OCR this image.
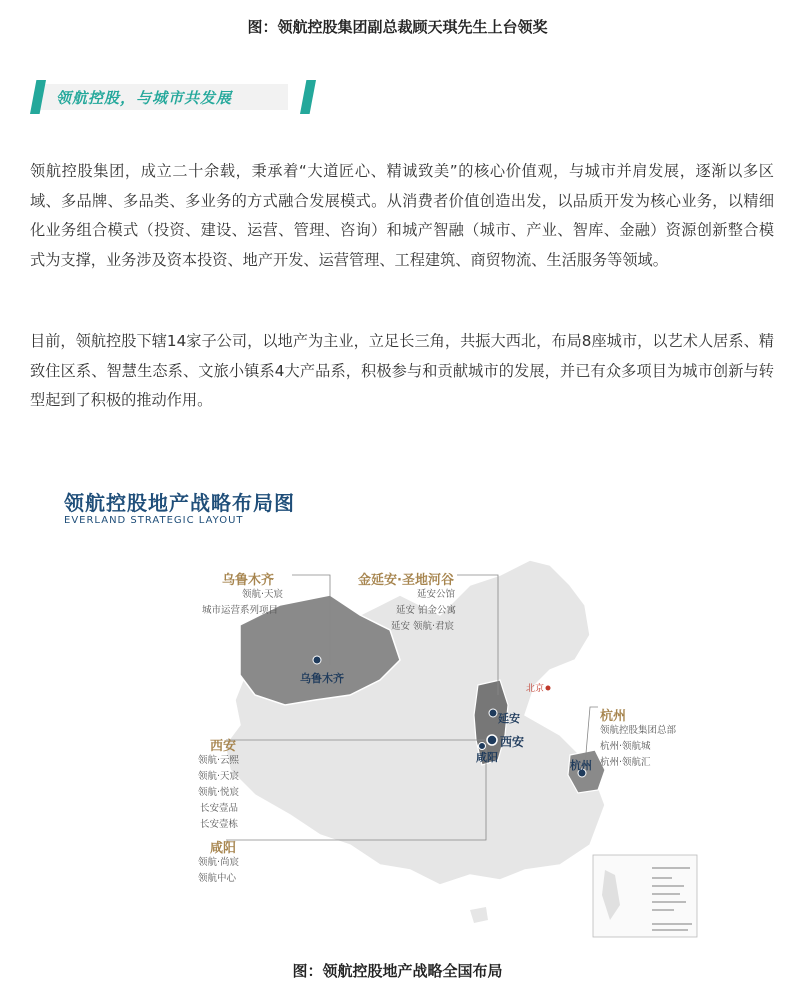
图：领航控股集团副总裁顾天琪先生上台领奖
领航控股，与城市共发展
领航控股集团，成立二十余载，秉承着“大道匠心、精诚致美”的核心价值观，与城市并肩发展，逐渐以多区域、多品牌、多品类、多业务的方式融合发展模式。从消费者价值创造出发，以品质开发为核心业务，以精细化业务组合模式（投资、建设、运营、管理、咨询）和城产智融（城市、产业、智库、金融）资源创新整合模式为支撑，业务涉及资本投资、地产开发、运营管理、工程建筑、商贸物流、生活服务等领域。
目前，领航控股下辖14家子公司，以地产为主业，立足长三角，共振大西北，布局8座城市，以艺术人居系、精致住区系、智慧生态系、文旅小镇系4大产品系，积极参与和贡献城市的发展，并已有众多项目为城市创新与转型起到了积极的推动作用。
领航控股地产战略布局图
EVERLAND STRATEGIC LAYOUT
乌鲁木齐
领航·天宸
城市运营系列项目
金延安·圣地河谷
延安公馆
延安 铂金公寓
延安 领航·君宸
杭州
领航控股集团总部
杭州·领航城
杭州·领航汇
西安
领航·云熙
领航·天宸
领航·悦宸
长安壹品
长安壹栋
咸阳
领航·尚宸
领航中心
乌鲁木齐
延安
西安
咸阳
杭州
北京
图：领航控股地产战略全国布局
